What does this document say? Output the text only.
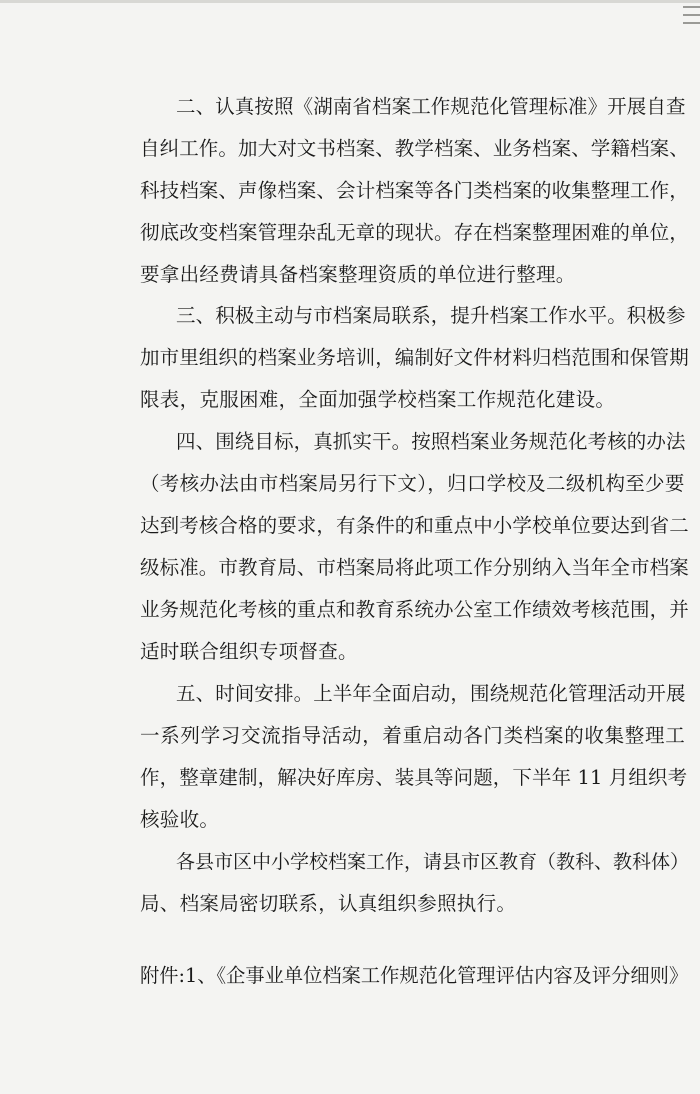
二、认真按照《湖南省档案工作规范化管理标准》开展自查
自纠工作。加大对文书档案、教学档案、业务档案、学籍档案、
科技档案、声像档案、会计档案等各门类档案的收集整理工作，
彻底改变档案管理杂乱无章的现状。存在档案整理困难的单位，
要拿出经费请具备档案整理资质的单位进行整理。
三、积极主动与市档案局联系，提升档案工作水平。积极参
加市里组织的档案业务培训，编制好文件材料归档范围和保管期
限表，克服困难，全面加强学校档案工作规范化建设。
四、围绕目标，真抓实干。按照档案业务规范化考核的办法
（考核办法由市档案局另行下文），归口学校及二级机构至少要
达到考核合格的要求，有条件的和重点中小学校单位要达到省二
级标准。市教育局、市档案局将此项工作分别纳入当年全市档案
业务规范化考核的重点和教育系统办公室工作绩效考核范围，并
适时联合组织专项督查。
五、时间安排。上半年全面启动，围绕规范化管理活动开展
一系列学习交流指导活动，着重启动各门类档案的收集整理工
作，整章建制，解决好库房、装具等问题，下半年 11 月组织考
核验收。
各县市区中小学校档案工作，请县市区教育（教科、教科体）
局、档案局密切联系，认真组织参照执行。
附件:1、《企事业单位档案工作规范化管理评估内容及评分细则》
